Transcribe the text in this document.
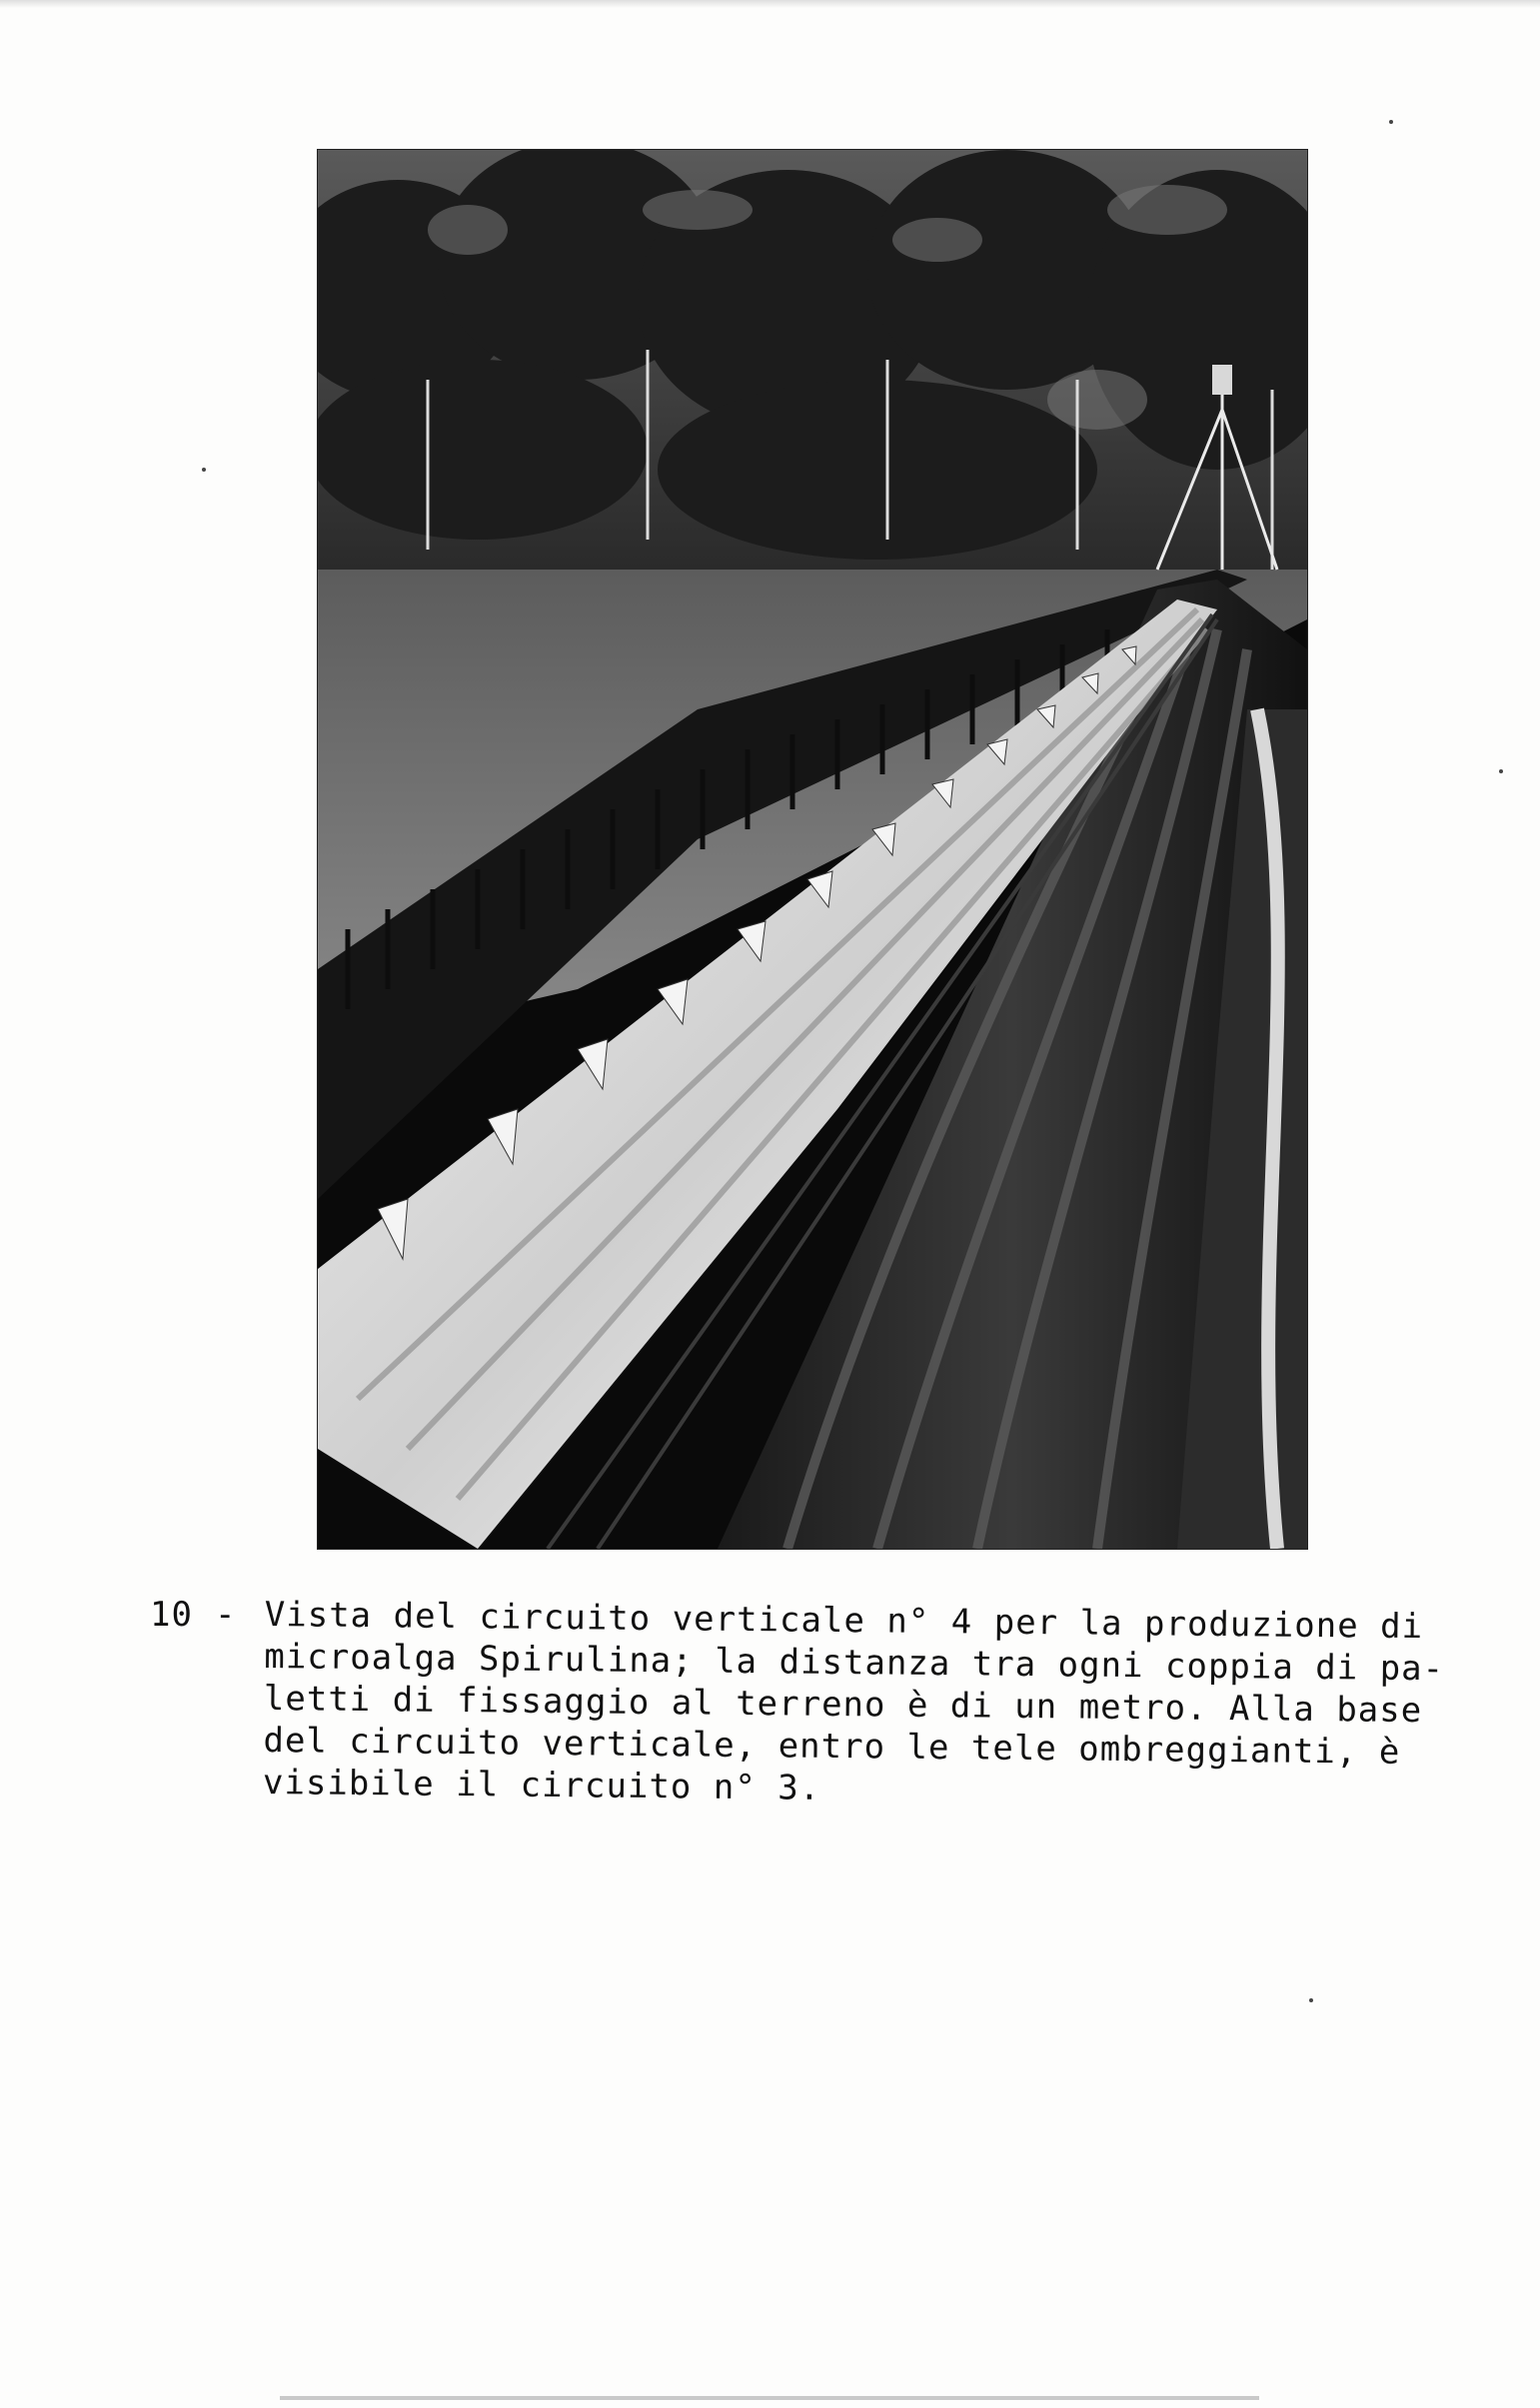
10 - Vista del circuito verticale n° 4 per la produzione di
microalga Spirulina; la distanza tra ogni coppia di pa-
letti di fissaggio al terreno è di un metro. Alla base
del circuito verticale, entro le tele ombreggianti, è
visibile il circuito n° 3.
